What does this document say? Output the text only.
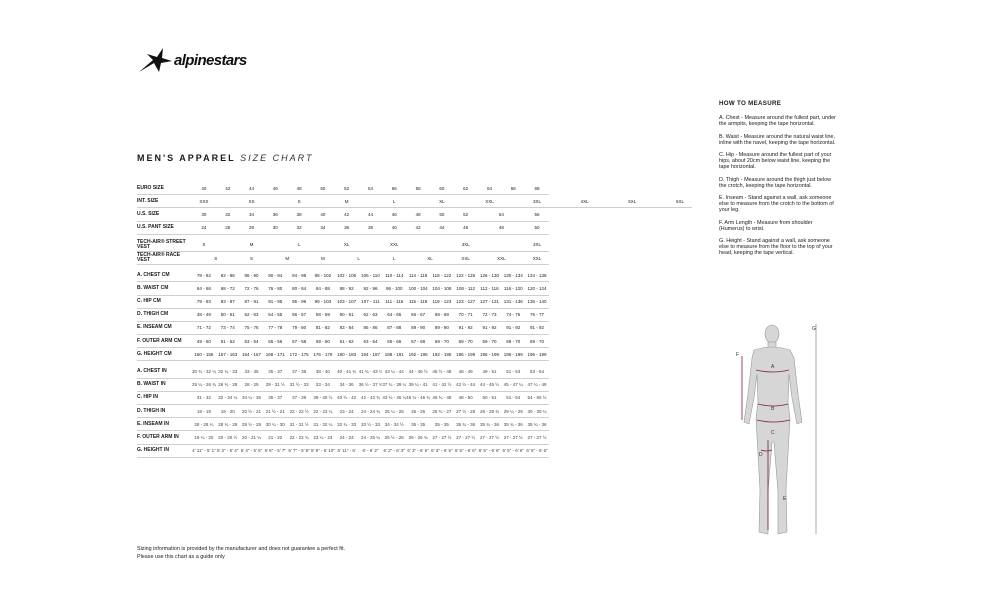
alpinestars
MEN'S APPAREL SIZE CHART
EURO SIZE	40	42	44	46	48	50	52	54	56	58	60	62	64	66	68						
INT. SIZE	XXS		XS		S		M		L		XL		XXL		3XL		4XL		5XL		6XL
U.S. SIZE	30	32	34	36	38	40	42	44	46	48	50	52	54		56						
U.S. PANT SIZE	24	26	28	30	32	34	36	38	40	42	44	46	48		50						

TECH-AIR® STREET VEST	S		M		L		XL		XXL			3XL			3XL						
TECH-AIR® RACE VEST	S		S	M		M	L		L	XL		XXL	XXL		XXL						

A. CHEST CM	78 - 82	82 - 86	86 - 90	90 - 94	94 - 98	98 - 102	102 - 106	106 - 110	110 - 114	114 - 118	118 - 122	122 - 126	126 - 130	130 - 134	134 - 138						
B. WAIST CM	64 - 68	68 - 72	72 - 76	76 - 80	80 - 84	84 - 88	88 - 92	92 - 96	96 - 100	100 - 104	104 - 108	108 - 112	112 - 116	116 - 120	120 - 124						
C. HIP CM	79 - 83	83 - 87	87 - 91	91 - 95	95 - 99	99 - 103	103 - 107	107 - 111	111 - 115	115 - 119	119 - 123	123 - 127	127 - 131	131 - 136	136 - 140						
D. THIGH CM	48 - 49	50 - 51	52 - 53	54 - 55	56 - 57	58 - 59	60 - 61	62 - 63	64 - 65	66 - 67	68 - 69	70 - 71	72 - 73	74 - 75	76 - 77						
E. INSEAM CM	71 - 72	73 - 74	75 - 76	77 - 78	79 - 80	81 - 82	83 - 84	85 - 86	87 - 88	89 - 90	89 - 90	91 - 92	91 - 92	91 - 92	91 - 92						
F. OUTER ARM CM	49 - 50	51 - 52	53 - 54	55 - 56	57 - 58	59 - 60	61 - 62	63 - 64	65 - 66	67 - 68	69 - 70	69 - 70	69 - 70	69 - 70	69 - 70						
G. HEIGHT CM	150 - 156	157 - 163	164 - 167	168 - 171	172 - 175	176 - 179	180 - 183	184 - 187	188 - 191	192 - 195	192 - 195	196 - 199	196 - 199	196 - 199	196 - 199						

A. CHEST IN	30 ¾ - 32 ¼	32 ¼ - 33	33 - 35	35 - 37	37 - 38	38 - 40	40 - 41 ¾	41 ¾ - 43 ¼	43 ¼ - 44	44 - 46 ½	46 ½ - 48	48 - 49	49 - 51	51 - 53	53 - 54						
B. WAIST IN	25 ¼ - 26 ¾	26 ¾ - 28	28 - 29	29 - 31 ½	31 ½ - 33	33 - 34	34 - 36	36 ½ - 37 ¾	37 ¾ - 39 ¼	39 ¼ - 41	41 - 42 ½	42 ½ - 44	44 - 45 ½	45 - 47 ¼	47 ¼ - 49						
C. HIP IN	31 - 32	32 - 34 ¼	34 ¼ - 35	35 - 37	37 - 39	39 - 40 ½	40 ½ - 42	42 - 43 ¾	43 ¾ - 45 ¼	45 ¼ - 46 ¾	46 ¾ - 48	48 - 50	50 - 51	51 - 54	54 - 55 ½						
D. THIGH IN	19 - 19	19 - 20	20 ½ - 21	21 ½ - 21	22 - 22 ½	22 - 23 ¼	23 - 24	24 - 24 ¾	25 ¼ - 25	26 - 26	26 ¾ - 27	27 ½ - 28	28 - 28 ¾	29 ¼ - 29	30 - 30 ¼						
E. INSEAM IN	28 - 28 ¼	28 ¾ - 29	29 ½ - 29	30 ¼ - 30	31 - 31 ½	31 - 32 ¼	32 ¾ - 33	33 ½ - 33	34 - 34 ½	35 - 35	35 - 35	35 ¾ - 36	35 ¾ - 36	35 ¾ - 36	35 ¾ - 36						
F. OUTER ARM IN	19 ¼ - 20	20 - 20 ½	20 - 21 ¼	21 - 22	22 - 22 ¾	23 ¼ - 23	24 - 24	24 - 25 ¼	25 ½ - 26	26 - 26 ¾	27 - 27 ½	27 - 27 ½	27 - 27 ½	27 - 27 ½	27 - 27 ½						
G. HEIGHT IN	4' 11" - 5' 1"	5' 2" - 5' 4"	5' 4" - 5' 5"	5' 6" - 5' 7"	5' 7" - 5' 8"	5' 9" - 5' 10"	5' 11" - 6'	6' - 6' 2"	6' 2" - 6' 3"	6' 3" - 6' 5"	6' 3" - 6' 5"	6' 5" - 6' 6"	6' 5" - 6' 6"	6' 5" - 6' 6"	6' 5" - 6' 6"						
HOW TO MEASURE
A. Chest - Measure around the fullest part, under the armpits, keeping the tape horizontal.
B. Waist - Measure around the natural waist line, inline with the navel, keeping the tape horizontal.
C. Hip - Measure around the fullest part of your hips, about 20cm below waist line, keeping the tape horizontal.
D. Thigh - Measure around the thigh just below the crotch, keeping the tape horizontal.
E. Inseam - Stand against a wall, ask someone else to measure from the crotch to the bottom of your leg.
F. Arm Length - Measure from shoulder (Humerus) to wrist.
G. Height - Stand against a wall, ask someone else to measure from the floor to the top of your head, keeping the tape vertical.
A
B
C
D
E
F
G
Sizing information is provided by the manufacturer and does not guarantee a perfect fit.
Please use this chart as a guide only
